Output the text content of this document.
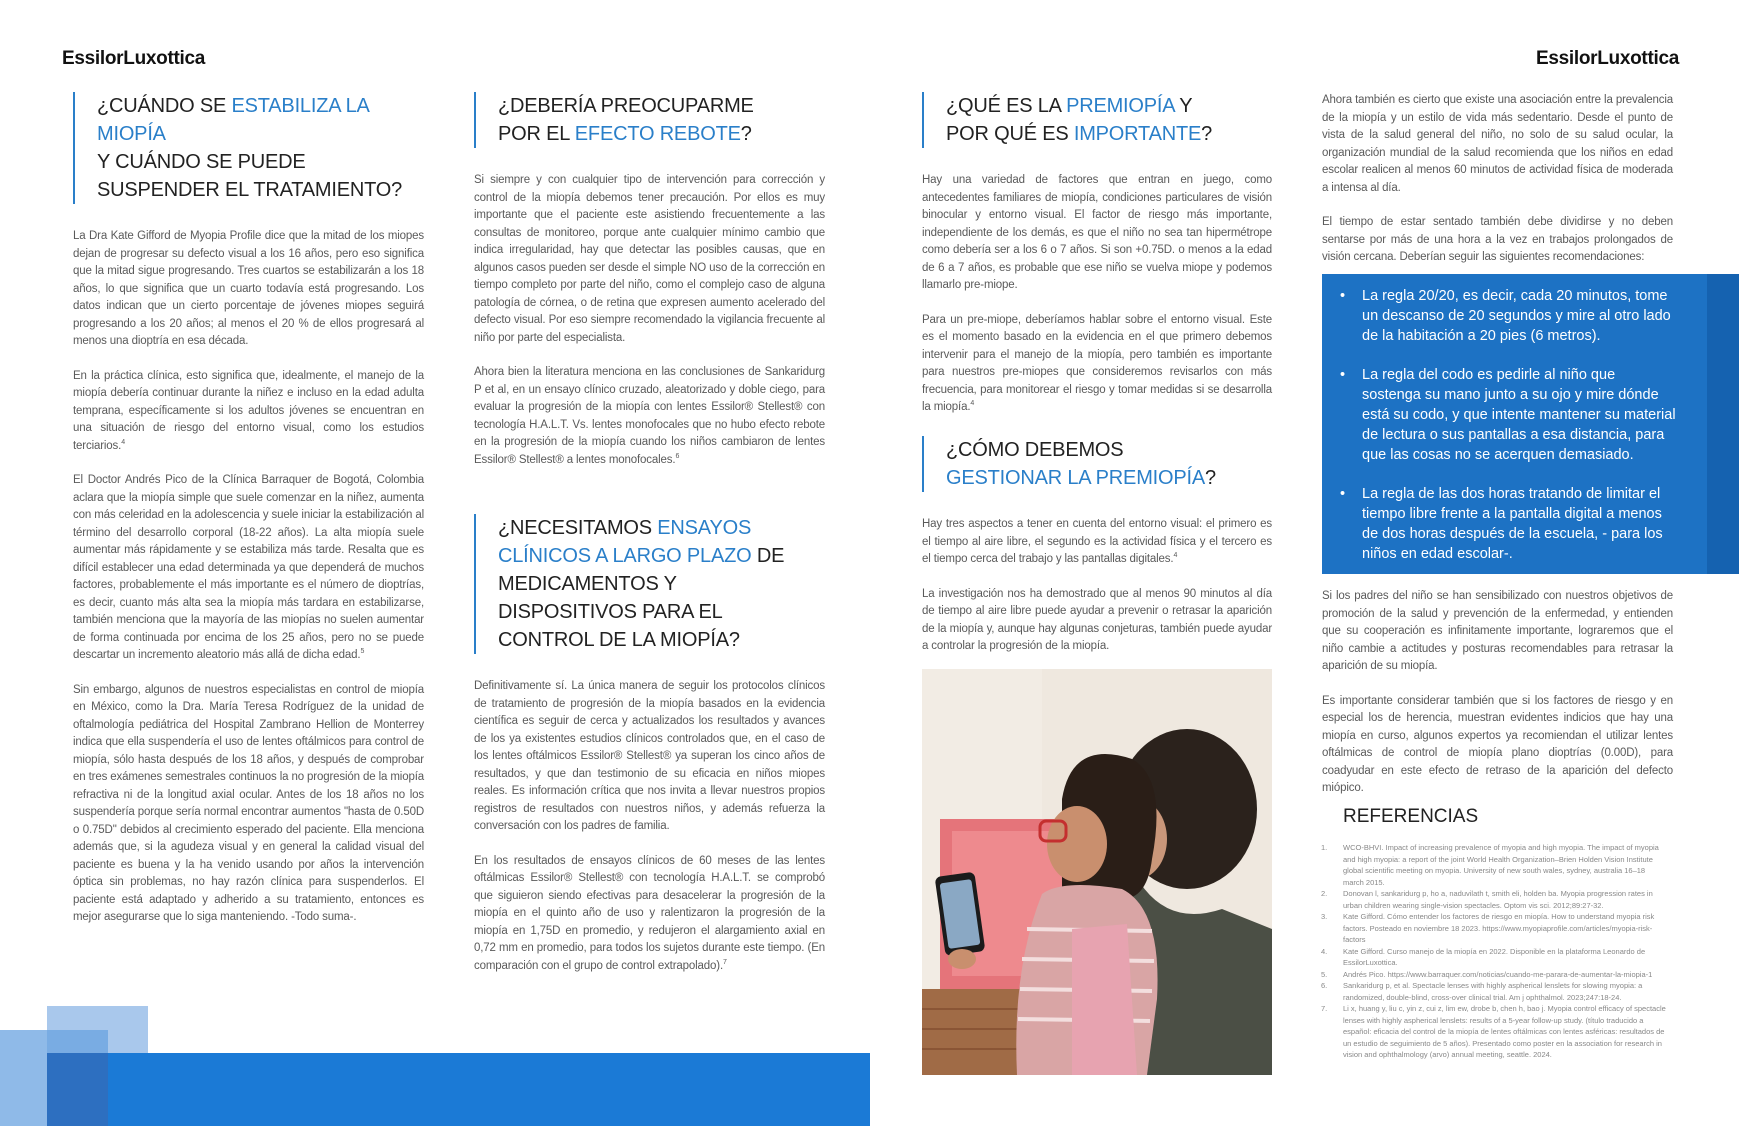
EssilorLuxottica	EssilorLuxottica
¿CUÁNDO SE ESTABILIZA LA MIOPÍA
Y CUÁNDO SE PUEDE SUSPENDER EL TRATAMIENTO?

La Dra Kate Gifford de Myopia Profile dice que la mitad de los miopes dejan de progresar su defecto visual a los 16 años, pero eso significa que la mitad sigue progresando. Tres cuartos se estabilizarán a los 18 años, lo que significa que un cuarto todavía está progresando. Los datos indican que un cierto porcentaje de jóvenes miopes seguirá progresando a los 20 años; al menos el 20 % de ellos progresará al menos una dioptría en esa década.

En la práctica clínica, esto significa que, idealmente, el manejo de la miopía debería continuar durante la niñez e incluso en la edad adulta temprana, específicamente si los adultos jóvenes se encuentran en una situación de riesgo del entorno visual, como los estudios terciarios.$^4$

El Doctor Andrés Pico de la Clínica Barraquer de Bogotá, Colombia aclara que la miopía simple que suele comenzar en la niñez, aumenta con más celeridad en la adolescencia y suele iniciar la estabilización al término del desarrollo corporal (18-22 años). La alta miopía suele aumentar más rápidamente y se estabiliza más tarde. Resalta que es difícil establecer una edad determinada ya que dependerá de muchos factores, probablemente el más importante es el número de dioptrías, es decir, cuanto más alta sea la miopía más tardara en estabilizarse, también menciona que la mayoría de las miopías no suelen aumentar de forma continuada por encima de los 25 años, pero no se puede descartar un incremento aleatorio más allá de dicha edad.$^5$

Sin embargo, algunos de nuestros especialistas en control de miopía en México, como la Dra. María Teresa Rodríguez de la unidad de oftalmología pediátrica del Hospital Zambrano Hellion de Monterrey indica que ella suspendería el uso de lentes oftálmicos para control de miopía, sólo hasta después de los 18 años, y después de comprobar en tres exámenes semestrales continuos la no progresión de la miopía refractiva ni de la longitud axial ocular. Antes de los 18 años no los suspendería porque sería normal encontrar aumentos "hasta de 0.50D o 0.75D" debidos al crecimiento esperado del paciente. Ella menciona además que, si la agudeza visual y en general la calidad visual del paciente es buena y la ha venido usando por años la intervención óptica sin problemas, no hay razón clínica para suspenderlos. El paciente está adaptado y adherido a su tratamiento, entonces es mejor asegurarse que lo siga manteniendo. -Todo suma-.

¿DEBERÍA PREOCUPARME POR EL EFECTO REBOTE?

Si siempre y con cualquier tipo de intervención para corrección y control de la miopía debemos tener precaución. Por ellos es muy importante que el paciente este asistiendo frecuentemente a las consultas de monitoreo, porque ante cualquier mínimo cambio que indica irregularidad, hay que detectar las posibles causas, que en algunos casos pueden ser desde el simple NO uso de la corrección en tiempo completo por parte del niño, como el complejo caso de alguna patología de córnea, o de retina que expresen aumento acelerado del defecto visual. Por eso siempre recomendado la vigilancia frecuente al niño por parte del especialista.

Ahora bien la literatura menciona en las conclusiones de Sankaridurg P et al, en un ensayo clínico cruzado, aleatorizado y doble ciego, para evaluar la progresión de la miopía con lentes Essilor® Stellest® con tecnología H.A.L.T. Vs. lentes monofocales que no hubo efecto rebote en la progresión de la miopía cuando los niños cambiaron de lentes Essilor® Stellest® a lentes monofocales.$^6$

¿NECESITAMOS ENSAYOS CLÍNICOS A LARGO PLAZO DE MEDICAMENTOS Y DISPOSITIVOS PARA EL CONTROL DE LA MIOPÍA?

Definitivamente sí. La única manera de seguir los protocolos clínicos de tratamiento de progresión de la miopía basados en la evidencia científica es seguir de cerca y actualizados los resultados y avances de los ya existentes estudios clínicos controlados que, en el caso de los lentes oftálmicos Essilor® Stellest® ya superan los cinco años de resultados, y que dan testimonio de su eficacia en niños miopes reales. Es información crítica que nos invita a llevar nuestros propios registros de resultados con nuestros niños, y además refuerza la conversación con los padres de familia.

En los resultados de ensayos clínicos de 60 meses de las lentes oftálmicas Essilor® Stellest® con tecnología H.A.L.T. se comprobó que siguieron siendo efectivas para desacelerar la progresión de la miopía en el quinto año de uso y ralentizaron la progresión de la miopía en 1,75D en promedio, y redujeron el alargamiento axial en 0,72 mm en promedio, para todos los sujetos durante este tiempo. (En comparación con el grupo de control extrapolado).$^7$

¿QUÉ ES LA PREMIOPÍA Y POR QUÉ ES IMPORTANTE?

Hay una variedad de factores que entran en juego, como antecedentes familiares de miopía, condiciones particulares de visión binocular y entorno visual. El factor de riesgo más importante, independiente de los demás, es que el niño no sea tan hipermétrope como debería ser a los 6 o 7 años. Si son +0.75D. o menos a la edad de 6 a 7 años, es probable que ese niño se vuelva miope y podemos llamarlo pre-miope.

Para un pre-miope, deberíamos hablar sobre el entorno visual. Este es el momento basado en la evidencia en el que primero debemos intervenir para el manejo de la miopía, pero también es importante para nuestros pre-miopes que consideremos revisarlos con más frecuencia, para monitorear el riesgo y tomar medidas si se desarrolla la miopía.$^4$

¿CÓMO DEBEMOS GESTIONAR LA PREMIOPÍA?

Hay tres aspectos a tener en cuenta del entorno visual: el primero es el tiempo al aire libre, el segundo es la actividad física y el tercero es el tiempo cerca del trabajo y las pantallas digitales.$^4$

La investigación nos ha demostrado que al menos 90 minutos al día de tiempo al aire libre puede ayudar a prevenir o retrasar la aparición de la miopía y, aunque hay algunas conjeturas, también puede ayudar a controlar la progresión de la miopía.

Ahora también es cierto que existe una asociación entre la prevalencia de la miopía y un estilo de vida más sedentario. Desde el punto de vista de la salud general del niño, no solo de su salud ocular, la organización mundial de la salud recomienda que los niños en edad escolar realicen al menos 60 minutos de actividad física de moderada a intensa al día.

El tiempo de estar sentado también debe dividirse y no deben sentarse por más de una hora a la vez en trabajos prolongados de visión cercana. Deberían seguir las siguientes recomendaciones:

• La regla 20/20, es decir, cada 20 minutos, tome un descanso de 20 segundos y mire al otro lado de la habitación a 20 pies (6 metros).
• La regla del codo es pedirle al niño que sostenga su mano junto a su ojo y mire dónde está su codo, y que intente mantener su material de lectura o sus pantallas a esa distancia, para que las cosas no se acerquen demasiado.
• La regla de las dos horas tratando de limitar el tiempo libre frente a la pantalla digital a menos de dos horas después de la escuela, - para los niños en edad escolar-.

Si los padres del niño se han sensibilizado con nuestros objetivos de promoción de la salud y prevención de la enfermedad, y entienden que su cooperación es infinitamente importante, lograremos que el niño cambie a actitudes y posturas recomendables para retrasar la aparición de su miopía.

Es importante considerar también que si los factores de riesgo y en especial los de herencia, muestran evidentes indicios que hay una miopía en curso, algunos expertos ya recomiendan el utilizar lentes oftálmicas de control de miopía plano dioptrías (0.00D), para coadyudar en este efecto de retraso de la aparición del defecto miópico.

REFERENCIAS
1. WCO-BHVI. Impact of increasing prevalence of myopia and high myopia. The impact of myopia and high myopia: a report of the joint World Health Organization–Brien Holden Vision Institute global scientific meeting on myopia. University of new south wales, sydney, australia 16–18 march 2015.
2. Donovan l, sankaridurg p, ho a, naduvilath t, smith eli, holden ba. Myopia progression rates in urban children wearing single-vision spectacles. Optom vis sci. 2012;89:27-32.
3. Kate Gifford. Cómo entender los factores de riesgo en miopía. How to understand myopia risk factors. Posteado en noviembre 18 2023. https://www.myopiaprofile.com/articles/myopia-risk-factors
4. Kate Gifford. Curso manejo de la miopía en 2022. Disponible en la plataforma Leonardo de EssilorLuxottica.
5. Andrés Pico. https://www.barraquer.com/noticias/cuando-me-parara-de-aumentar-la-miopia-1
6. Sankaridurg p, et al. Spectacle lenses with highly aspherical lenslets for slowing myopia: a randomized, double-blind, cross-over clinical trial. Am j ophthalmol. 2023;247:18-24.
7. Li x, huang y, liu c, yin z, cui z, lim ew, drobe b, chen h, bao j. Myopia control efficacy of spectacle lenses with highly aspherical lenslets: results of a 5-year follow-up study. (título traducido a español: eficacia del control de la miopía de lentes oftálmicas con lentes asféricas: resultados de un estudio de seguimiento de 5 años). Presentado como poster en la association for research in vision and ophthalmology (arvo) annual meeting, seattle. 2024.
